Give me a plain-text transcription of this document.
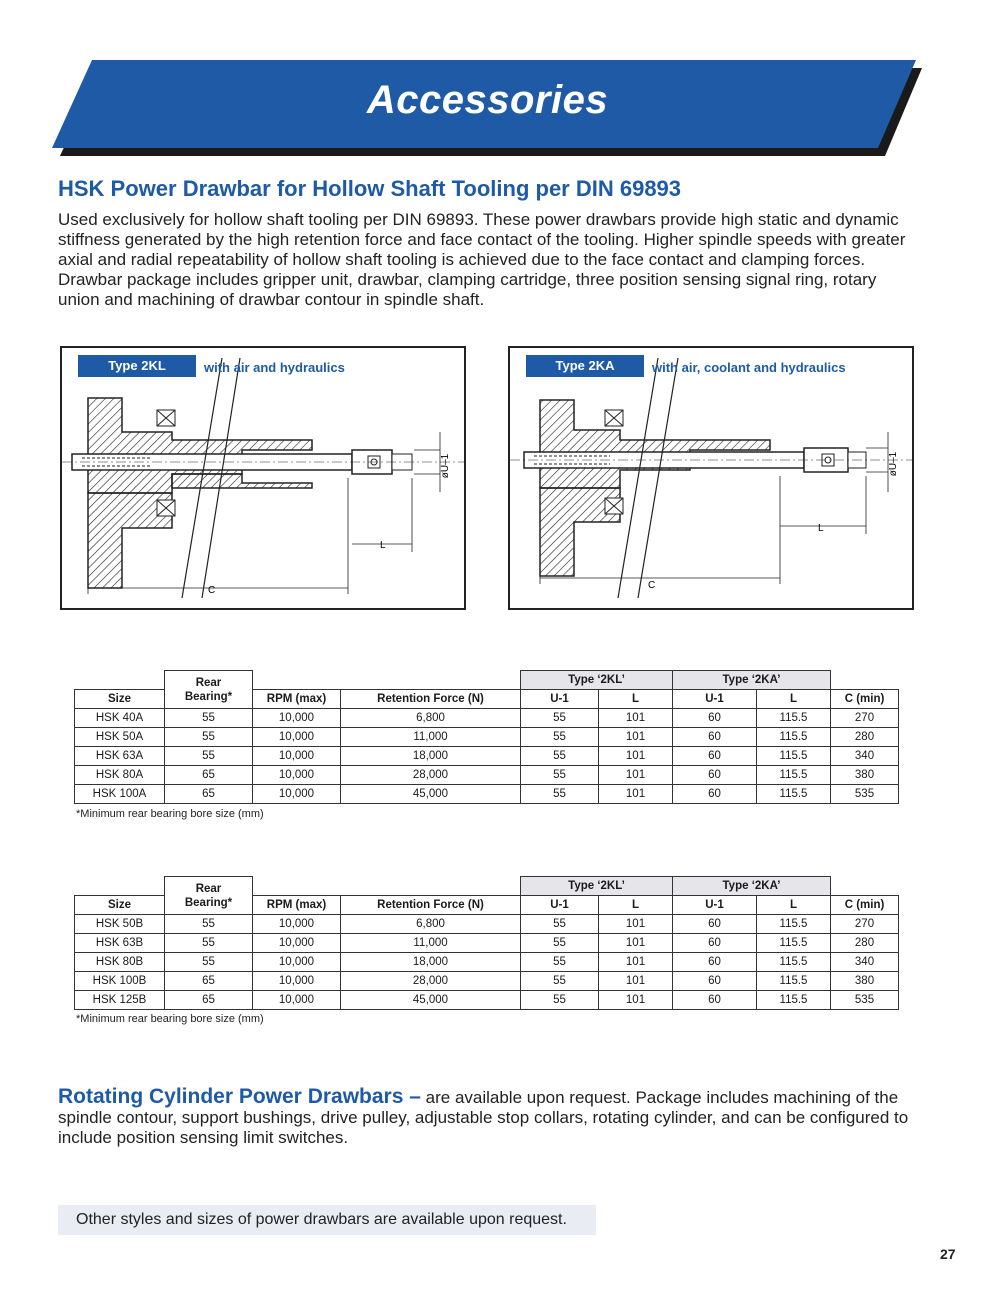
Accessories
HSK Power Drawbar for Hollow Shaft Tooling per DIN 69893

Used exclusively for hollow shaft tooling per DIN 69893. These power drawbars provide high static and dynamic stiffness generated by the high retention force and face contact of the tooling. Higher spindle speeds with greater axial and radial repeatability of hollow shaft tooling is achieved due to the face contact and clamping forces. Drawbar package includes gripper unit, drawbar, clamping cartridge, three position sensing signal ring, rotary union and machining of drawbar contour in spindle shaft.

øU–1
L
C
Type 2KL	with air and hydraulics
øU–1
L
C
Type 2KA	with air, coolant and hydraulics
	Rear Bearing*			Type ‘2KL’		Type ‘2KA’		
Size		RPM (max)	Retention Force (N)	U-1	L	U-1	L	C (min)
HSK 40A	55	10,000	6,800	55	101	60	115.5	270
HSK 50A	55	10,000	11,000	55	101	60	115.5	280
HSK 63A	55	10,000	18,000	55	101	60	115.5	340
HSK 80A	65	10,000	28,000	55	101	60	115.5	380
HSK 100A	65	10,000	45,000	55	101	60	115.5	535
*Minimum rear bearing bore size (mm)
	Rear Bearing*			Type ‘2KL’		Type ‘2KA’		
Size		RPM (max)	Retention Force (N)	U-1	L	U-1	L	C (min)
HSK 50B	55	10,000	6,800	55	101	60	115.5	270
HSK 63B	55	10,000	11,000	55	101	60	115.5	280
HSK 80B	55	10,000	18,000	55	101	60	115.5	340
HSK 100B	65	10,000	28,000	55	101	60	115.5	380
HSK 125B	65	10,000	45,000	55	101	60	115.5	535
*Minimum rear bearing bore size (mm)

Rotating Cylinder Power Drawbars – are available upon request. Package includes machining of the spindle contour, support bushings, drive pulley, adjustable stop collars, rotating cylinder, and can be configured to include position sensing limit switches.

Other styles and sizes of power drawbars are available upon request.
27
